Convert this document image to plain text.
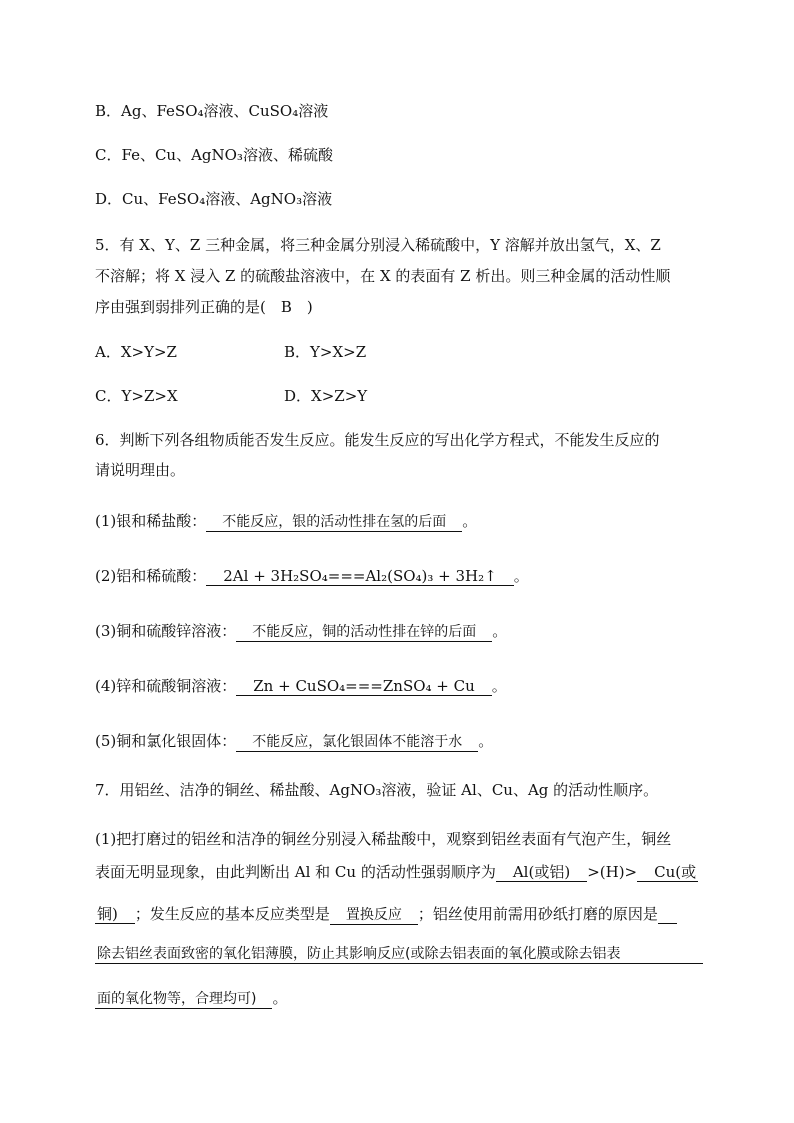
B．Ag、FeSO₄溶液、CuSO₄溶液
C．Fe、Cu、AgNO₃溶液、稀硫酸
D．Cu、FeSO₄溶液、AgNO₃溶液
5．有 X、Y、Z 三种金属，将三种金属分别浸入稀硫酸中，Y 溶解并放出氢气，X、Z
不溶解；将 X 浸入 Z 的硫酸盐溶液中，在 X 的表面有 Z 析出。则三种金属的活动性顺
序由强到弱排列正确的是(　B　)
A．X>Y>Z	B．Y>X>Z
C．Y>Z>X	D．X>Z>Y
6．判断下列各组物质能否发生反应。能发生反应的写出化学方程式，不能发生反应的
请说明理由。
(1)银和稀盐酸：　不能反应，银的活动性排在氢的后面　。
(2)铝和稀硫酸：　2Al + 3H₂SO₄===Al₂(SO₄)₃ + 3H₂↑　。
(3)铜和硫酸锌溶液：　不能反应，铜的活动性排在锌的后面　。
(4)锌和硫酸铜溶液：　Zn + CuSO₄===ZnSO₄ + Cu　。
(5)铜和氯化银固体：　不能反应，氯化银固体不能溶于水　。
7．用铝丝、洁净的铜丝、稀盐酸、AgNO₃溶液，验证 Al、Cu、Ag 的活动性顺序。
(1)把打磨过的铝丝和洁净的铜丝分别浸入稀盐酸中，观察到铝丝表面有气泡产生，铜丝
表面无明显现象，由此判断出 Al 和 Cu 的活动性强弱顺序为　Al(或铝)　>(H)>　Cu(或
铜)　；发生反应的基本反应类型是　置换反应　；铝丝使用前需用砂纸打磨的原因是　
除去铝丝表面致密的氧化铝薄膜，防止其影响反应(或除去铝表面的氧化膜或除去铝表
面的氧化物等，合理均可)　。
